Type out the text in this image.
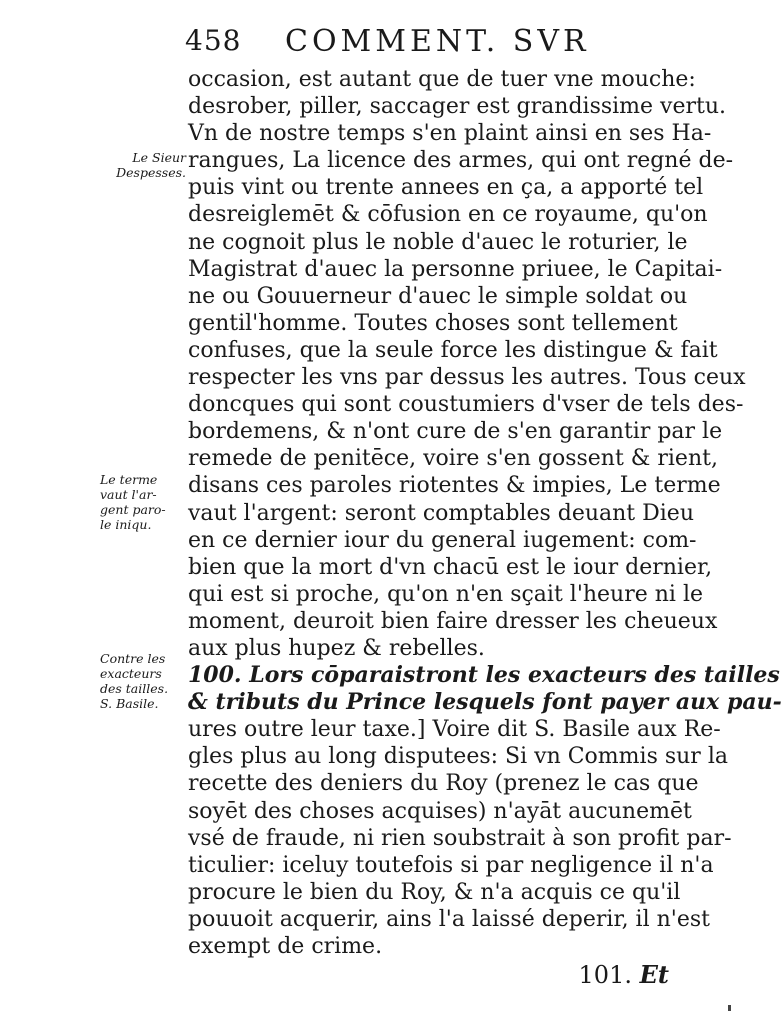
458 COMMENT. SVR
occasion, est autant que de tuer vne mouche:
desrober, piller, saccager est grandissime vertu.
Vn de nostre temps s'en plaint ainsi en ses Ha-
rangues, La licence des armes, qui ont regné de-
puis vint ou trente annees en ça, a apporté tel
desreiglemēt & cōfusion en ce royaume, qu'on
ne cognoit plus le noble d'auec le roturier, le
Magistrat d'auec la personne priuee, le Capitai-
ne ou Gouuerneur d'auec le simple soldat ou
gentil'homme. Toutes choses sont tellement
confuses, que la seule force les distingue & fait
respecter les vns par dessus les autres. Tous ceux
doncques qui sont coustumiers d'vser de tels des-
bordemens, & n'ont cure de s'en garantir par le
remede de penitēce, voire s'en gossent & rient,
disans ces paroles riotentes & impies, Le terme
vaut l'argent: seront comptables deuant Dieu
en ce dernier iour du general iugement: com-
bien que la mort d'vn chacū est le iour dernier,
qui est si proche, qu'on n'en sçait l'heure ni le
moment, deuroit bien faire dresser les cheueux
aux plus hupez & rebelles.
100. Lors cōparaistront les exacteurs des tailles
& tributs du Prince lesquels font payer aux pau-
ures outre leur taxe.] Voire dit S. Basile aux Re-
gles plus au long disputees: Si vn Commis sur la
recette des deniers du Roy (prenez le cas que
soyēt des choses acquises) n'ayāt aucunemēt
vsé de fraude, ni rien soubstrait à son profit par-
ticulier: iceluy toutefois si par negligence il n'a
procure le bien du Roy, & n'a acquis ce qu'il
pouuoit acquerir, ains l'a laissé deperir, il n'est
exempt de crime.
Le Sieur
Despesses.
Le terme
vaut l'ar-
gent paro-
le iniqu.
Contre les
exacteurs
des tailles.
S. Basile.
101. Et
